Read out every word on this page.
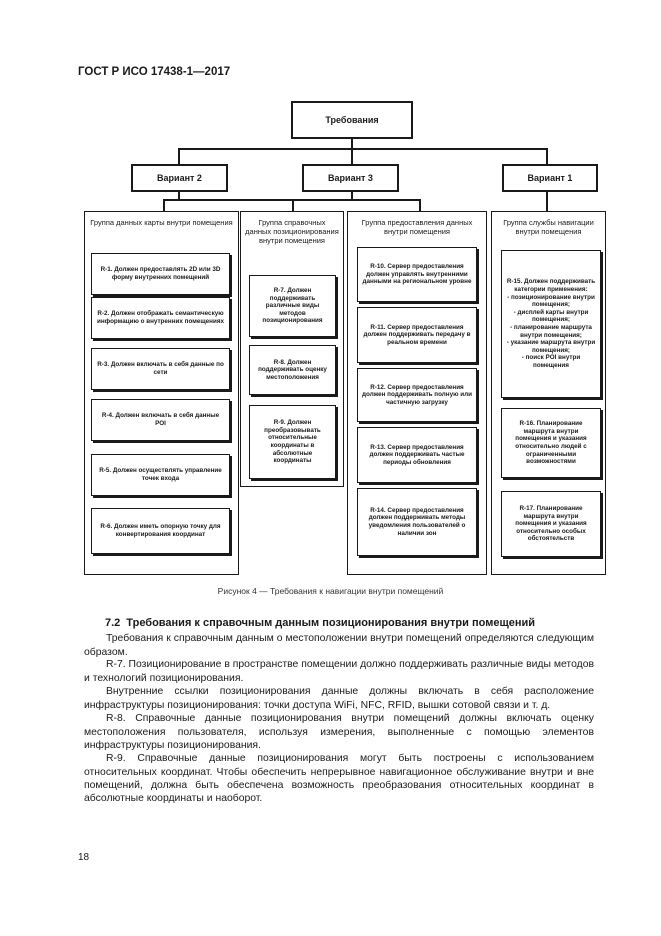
ГОСТ Р ИСО 17438-1—2017
Требования
Вариант 2	Вариант 3	Вариант 1
Группа данных карты внутри помещения
R-1. Должен предоставлять 2D или 3D форму внутренних помещений
R-2. Должен отображать семантическую информацию о внутренних помещениях
R-3. Должен включать в себя данные по сети
R-4. Должен включать в себя данные POI
R-5. Должен осуществлять управление точек входа
R-6. Должен иметь опорную точку для конвертирования координат
Группа справочных данных позиционирования внутри помещения
R-7. Должен поддерживать различные виды методов позиционирования
R-8. Должен поддерживать оценку местоположения
R-9. Должен преобразовывать относительные координаты в абсолютные координаты
Группа предоставления данных внутри помещения
R-10. Сервер предоставления должен управлять внутренними данными на региональном уровне
R-11. Сервер предоставления должен поддерживать передачу в реальном времени
R-12. Сервер предоставления должен поддерживать полную или частичную загрузку
R-13. Сервер предоставления должен поддерживать частые периоды обновления
R-14. Сервер предоставления должен поддерживать методы уведомления пользователей о наличии зон
Группа службы навигации внутри помещения
R-15. Должен поддерживать категории применения:
- позиционирование внутри помещения;
- дисплей карты внутри помещения;
- планирование маршрута внутри помещения;
- указание маршрута внутри помещения;
- поиск POI внутри помещения
R-16. Планирование маршрута внутри помещения и указания относительно людей с ограниченными возможностями
R-17. Планирование маршрута внутри помещения и указания относительно особых обстоятельств
Рисунок 4 — Требования к навигации внутри помещений
7.2 Требования к справочным данным позиционирования внутри помещений

Требования к справочным данным о местоположении внутри помещений определяются следующим образом.

R-7. Позиционирование в пространстве помещении должно поддерживать различные виды методов и технологий позиционирования.

Внутренние ссылки позиционирования данные должны включать в себя расположение инфраструктуры позиционирования: точки доступа WiFi, NFC, RFID, вышки сотовой связи и т. д.

R-8. Справочные данные позиционирования внутри помещений должны включать оценку местоположения пользователя, используя измерения, выполненные с помощью элементов инфраструктуры позиционирования.

R-9. Справочные данные позиционирования могут быть построены с использованием относительных координат. Чтобы обеспечить непрерывное навигационное обслуживание внутри и вне помещений, должна быть обеспечена возможность преобразования относительных координат в абсолютные координаты и наоборот.

18
